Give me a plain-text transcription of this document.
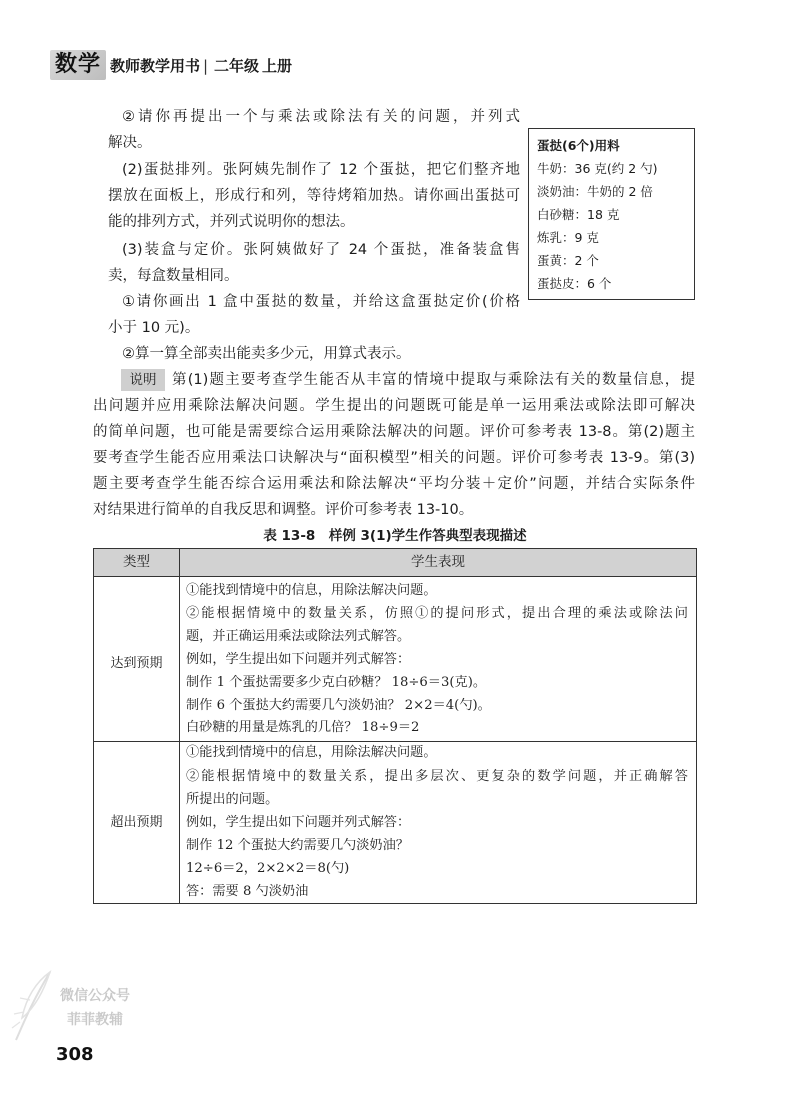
数学 教师教学用书 | 二年级 上册
②请你再提出一个与乘法或除法有关的问题，并列式
解决。
(2)蛋挞排列。张阿姨先制作了 12 个蛋挞，把它们整齐地
摆放在面板上，形成行和列，等待烤箱加热。请你画出蛋挞可
能的排列方式，并列式说明你的想法。
(3)装盒与定价。张阿姨做好了 24 个蛋挞，准备装盒售
卖，每盒数量相同。
①请你画出 1 盒中蛋挞的数量，并给这盒蛋挞定价(价格
小于 10 元)。
②算一算全部卖出能卖多少元，用算式表示。
蛋挞(6个)用料
牛奶：36 克(约 2 勺)
淡奶油：牛奶的 2 倍
白砂糖：18 克
炼乳：9 克
蛋黄：2 个
蛋挞皮：6 个
说明	第(1)题主要考查学生能否从丰富的情境中提取与乘除法有关的数量信息，提
出问题并应用乘除法解决问题。学生提出的问题既可能是单一运用乘法或除法即可解决
的简单问题，也可能是需要综合运用乘除法解决的问题。评价可参考表 13-8。第(2)题主
要考查学生能否应用乘法口诀解决与“面积模型”相关的问题。评价可参考表 13-9。第(3)
题主要考查学生能否综合运用乘法和除法解决“平均分装＋定价”问题，并结合实际条件
对结果进行简单的自我反思和调整。评价可参考表 13-10。
表 13-8　样例 3(1)学生作答典型表现描述
类型	学生表现
达到预期
①能找到情境中的信息，用除法解决问题。
②能根据情境中的数量关系，仿照①的提问形式，提出合理的乘法或除法问
题，并正确运用乘法或除法列式解答。
例如，学生提出如下问题并列式解答：
制作 1 个蛋挞需要多少克白砂糖？ 18÷6＝3(克)。
制作 6 个蛋挞大约需要几勺淡奶油？ 2×2＝4(勺)。
白砂糖的用量是炼乳的几倍？ 18÷9＝2
超出预期
①能找到情境中的信息，用除法解决问题。
②能根据情境中的数量关系，提出多层次、更复杂的数学问题，并正确解答
所提出的问题。
例如，学生提出如下问题并列式解答：
制作 12 个蛋挞大约需要几勺淡奶油？
12÷6＝2，2×2×2＝8(勺)
答：需要 8 勺淡奶油
微信公众号
菲菲教辅
308
